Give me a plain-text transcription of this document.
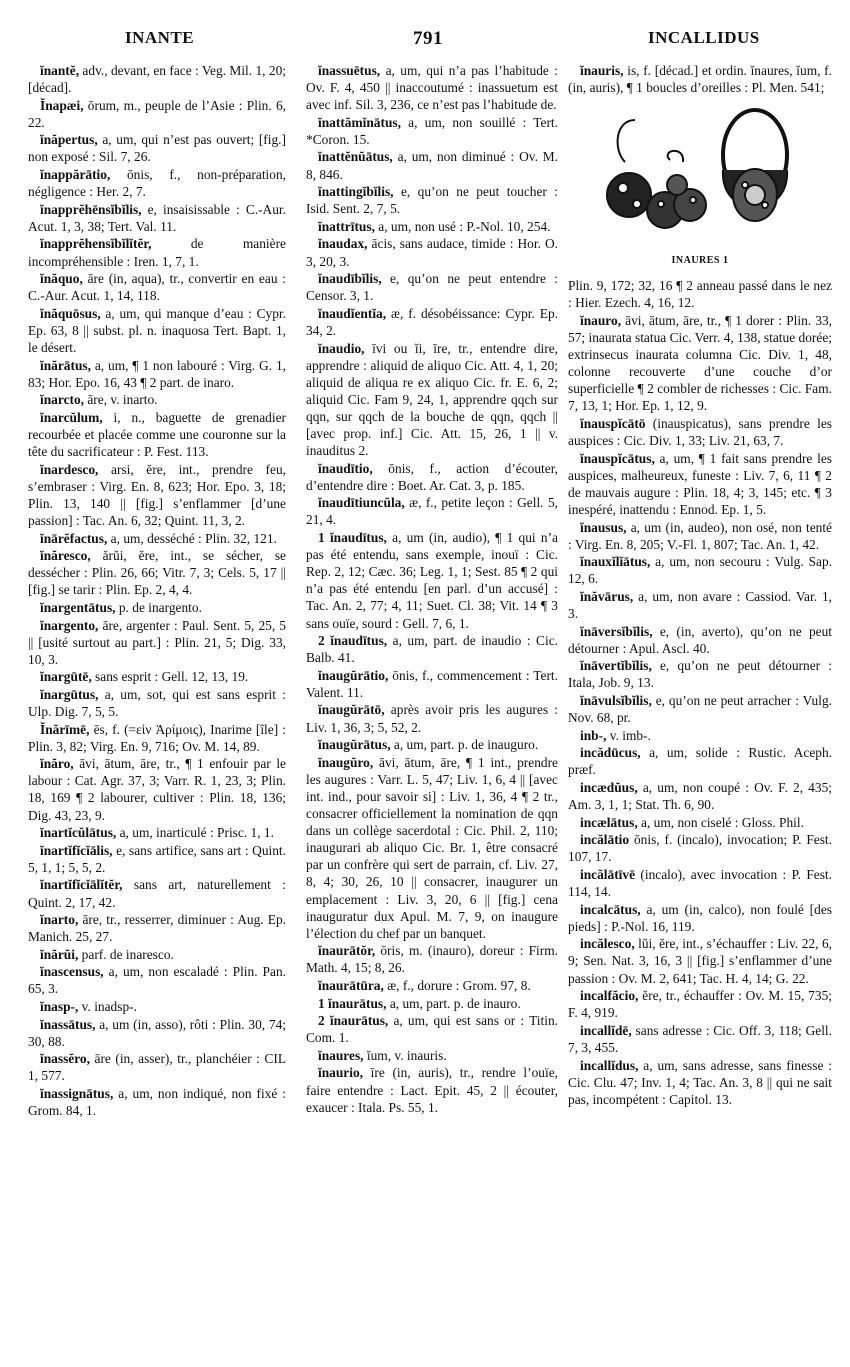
INANTE	791	INCALLIDUS

ĭnantĕ, adv., devant, en face : Veg. Mil. 1, 20; [décad].

Ĭnapæi, ōrum, m., peuple de l’Asie : Plin. 6, 22.

ĭnăpertus, a, um, qui n’est pas ouvert; [fig.] non exposé : Sil. 7, 26.

ĭnappărātio, ōnis, f., non-préparation, négligence : Her. 2, 7.

ĭnapprĕhēnsĭbĭlis, e, insaisissable : C.-Aur. Acut. 1, 3, 38; Tert. Val. 11.

ĭnapprĕhensĭbĭlĭtĕr, de manière incompréhensible : Iren. 1, 7, 1.

ĭnăquo, āre (in, aqua), tr., convertir en eau : C.-Aur. Acut. 1, 14, 118.

ĭnăquōsus, a, um, qui manque d’eau : Cypr. Ep. 63, 8 || subst. pl. n. inaquosa Tert. Bapt. 1, le désert.

ĭnărātus, a, um, ¶ 1 non labouré : Virg. G. 1, 83; Hor. Epo. 16, 43 ¶ 2 part. de inaro.

ĭnarcto, āre, v. inarto.

ĭnarcŭlum, i, n., baguette de grenadier recourbée et placée comme une couronne sur la tête du sacrificateur : P. Fest. 113.

ĭnardesco, arsi, ĕre, int., prendre feu, s’embraser : Virg. En. 8, 623; Hor. Epo. 3, 18; Plin. 13, 140 || [fig.] s’enflammer [d’une passion] : Tac. An. 6, 32; Quint. 11, 3, 2.

ĭnārĕfactus, a, um, desséché : Plin. 32, 121.

ĭnăresco, ărŭi, ĕre, int., se sécher, se dessécher : Plin. 26, 66; Vitr. 7, 3; Cels. 5, 17 || [fig.] se tarir : Plin. Ep. 2, 4, 4.

ĭnargentātus, p. de inargento.

ĭnargento, āre, argenter : Paul. Sent. 5, 25, 5 || [usité surtout au part.] : Plin. 21, 5; Dig. 33, 10, 3.

ĭnargūtē, sans esprit : Gell. 12, 13, 19.

ĭnargūtus, a, um, sot, qui est sans esprit : Ulp. Dig. 7, 5, 5.

Ĭnărīmē, ēs, f. (=εἰν Ἀρίμοις), Inarime [île] : Plin. 3, 82; Virg. En. 9, 716; Ov. M. 14, 89.

ĭnăro, āvi, ātum, āre, tr., ¶ 1 enfouir par le labour : Cat. Agr. 37, 3; Varr. R. 1, 23, 3; Plin. 18, 169 ¶ 2 labourer, cultiver : Plin. 18, 136; Dig. 43, 23, 9.

ĭnartĭcŭlātus, a, um, inarticulé : Prisc. 1, 1.

ĭnartĭfĭcĭālis, e, sans artifice, sans art : Quint. 5, 1, 1; 5, 5, 2.

ĭnartĭfĭcĭālĭtĕr, sans art, naturellement : Quint. 2, 17, 42.

ĭnarto, āre, tr., resserrer, diminuer : Aug. Ep. Manich. 25, 27.

ĭnărŭi, parf. de inaresco.

ĭnascensus, a, um, non escaladé : Plin. Pan. 65, 3.

ĭnasp-, v. inadsp-.

ĭnassātus, a, um (in, asso), rôti : Plin. 30, 74; 30, 88.

ĭnassĕro, āre (in, asser), tr., planchéier : CIL 1, 577.

ĭnassignātus, a, um, non indiqué, non fixé : Grom. 84, 1.

ĭnassuētus, a, um, qui n’a pas l’habitude : Ov. F. 4, 450 || inaccoutumé : inassuetum est avec inf. Sil. 3, 236, ce n’est pas l’habitude de.

ĭnattămĭnātus, a, um, non souillé : Tert. *Coron. 15.

ĭnattĕnŭātus, a, um, non diminué : Ov. M. 8, 846.

ĭnattingĭbĭlis, e, qu’on ne peut toucher : Isid. Sent. 2, 7, 5.

ĭnattrītus, a, um, non usé : P.-Nol. 10, 254.

ĭnaudax, ācis, sans audace, timide : Hor. O. 3, 20, 3.

ĭnaudībĭlis, e, qu’on ne peut entendre : Censor. 3, 1.

ĭnaudĭentĭa, æ, f. désobéissance: Cypr. Ep. 34, 2.

ĭnaudio, īvi ou ĭi, īre, tr., entendre dire, apprendre : aliquid de aliquo Cic. Att. 4, 1, 20; aliquid de aliqua re ex aliquo Cic. fr. E. 6, 2; aliquid Cic. Fam 9, 24, 1, apprendre qqch sur qqn, sur qqch de la bouche de qqn, qqch || [avec prop. inf.] Cic. Att. 15, 26, 1 || v. inauditus 2.

ĭnaudītio, ōnis, f., action d’écouter, d’entendre dire : Boet. Ar. Cat. 3, p. 185.

ĭnaudītiuncŭla, æ, f., petite leçon : Gell. 5, 21, 4.

1 ĭnaudītus, a, um (in, audio), ¶ 1 qui n’a pas été entendu, sans exemple, inouï : Cic. Rep. 2, 12; Cæc. 36; Leg. 1, 1; Sest. 85 ¶ 2 qui n’a pas été entendu [en parl. d’un accusé] : Tac. An. 2, 77; 4, 11; Suet. Cl. 38; Vit. 14 ¶ 3 sans ouïe, sourd : Gell. 7, 6, 1.

2 ĭnaudītus, a, um, part. de inaudio : Cic. Balb. 41.

ĭnaugŭrātio, ōnis, f., commencement : Tert. Valent. 11.

ĭnaugŭrātō, après avoir pris les augures : Liv. 1, 36, 3; 5, 52, 2.

ĭnaugŭrātus, a, um, part. p. de inauguro.

ĭnaugŭro, āvi, ātum, āre, ¶ 1 int., prendre les augures : Varr. L. 5, 47; Liv. 1, 6, 4 || [avec int. ind., pour savoir si] : Liv. 1, 36, 4 ¶ 2 tr., consacrer officiellement la nomination de qqn dans un collège sacerdotal : Cic. Phil. 2, 110; inaugurari ab aliquo Cic. Br. 1, être consacré par un confrère qui sert de parrain, cf. Liv. 27, 8, 4; 30, 26, 10 || consacrer, inaugurer un emplacement : Liv. 3, 20, 6 || [fig.] cena inauguratur dux Apul. M. 7, 9, on inaugure l’élection du chef par un banquet.

ĭnaurātŏr, ōris, m. (inauro), doreur : Firm. Math. 4, 15; 8, 26.

ĭnaurātūra, æ, f., dorure : Grom. 97, 8.

1 ĭnaurātus, a, um, part. p. de inauro.

2 ĭnaurātus, a, um, qui est sans or : Titin. Com. 1.

ĭnaures, ĭum, v. inauris.

ĭnaurio, īre (in, auris), tr., rendre l’ouïe, faire entendre : Lact. Epit. 45, 2 || écouter, exaucer : Itala. Ps. 55, 1.

ĭnauris, is, f. [décad.] et ordin. ĭnaures, ĭum, f. (in, auris), ¶ 1 boucles d’oreilles : Pl. Men. 541;

INAURES 1

Plin. 9, 172; 32, 16 ¶ 2 anneau passé dans le nez : Hier. Ezech. 4, 16, 12.

ĭnauro, āvi, ātum, āre, tr., ¶ 1 dorer : Plin. 33, 57; inaurata statua Cic. Verr. 4, 138, statue dorée; extrinsecus inaurata columna Cic. Div. 1, 48, colonne recouverte d’une couche d’or superficielle ¶ 2 combler de richesses : Cic. Fam. 7, 13, 1; Hor. Ep. 1, 12, 9.

ĭnauspĭcātō (inauspicatus), sans prendre les auspices : Cic. Div. 1, 33; Liv. 21, 63, 7.

ĭnauspĭcātus, a, um, ¶ 1 fait sans prendre les auspices, malheureux, funeste : Liv. 7, 6, 11 ¶ 2 de mauvais augure : Plin. 18, 4; 3, 145; etc. ¶ 3 inespéré, inattendu : Ennod. Ep. 1, 5.

ĭnausus, a, um (in, audeo), non osé, non tenté : Virg. En. 8, 205; V.-Fl. 1, 807; Tac. An. 1, 42.

ĭnauxĭlĭātus, a, um, non secouru : Vulg. Sap. 12, 6.

ĭnăvārus, a, um, non avare : Cassiod. Var. 1, 3.

ĭnāversĭbĭlis, e, (in, averto), qu’on ne peut détourner : Apul. Ascl. 40.

ĭnāvertĭbĭlis, e, qu’on ne peut détourner : Itala, Job. 9, 13.

ĭnāvulsĭbĭlis, e, qu’on ne peut arracher : Vulg. Nov. 68, pr.

inb-, v. imb-.

incădūcus, a, um, solide : Rustic. Aceph. præf.

incædŭus, a, um, non coupé : Ov. F. 2, 435; Am. 3, 1, 1; Stat. Th. 6, 90.

incælātus, a, um, non ciselé : Gloss. Phil.

incălātio ōnis, f. (incalo), invocation; P. Fest. 107, 17.

incălātīvē (incalo), avec invocation : P. Fest. 114, 14.

incalcātus, a, um (in, calco), non foulé [des pieds] : P.-Nol. 16, 119.

incălesco, lŭi, ĕre, int., s’échauffer : Liv. 22, 6, 9; Sen. Nat. 3, 16, 3 || [fig.] s’enflammer d’une passion : Ov. M. 2, 641; Tac. H. 4, 14; G. 22.

incalfăcio, ĕre, tr., échauffer : Ov. M. 15, 735; F. 4, 919.

incallĭdē, sans adresse : Cic. Off. 3, 118; Gell. 7, 3, 455.

incallĭdus, a, um, sans adresse, sans finesse : Cic. Clu. 47; Inv. 1, 4; Tac. An. 3, 8 || qui ne sait pas, incompétent : Capitol. 13.
